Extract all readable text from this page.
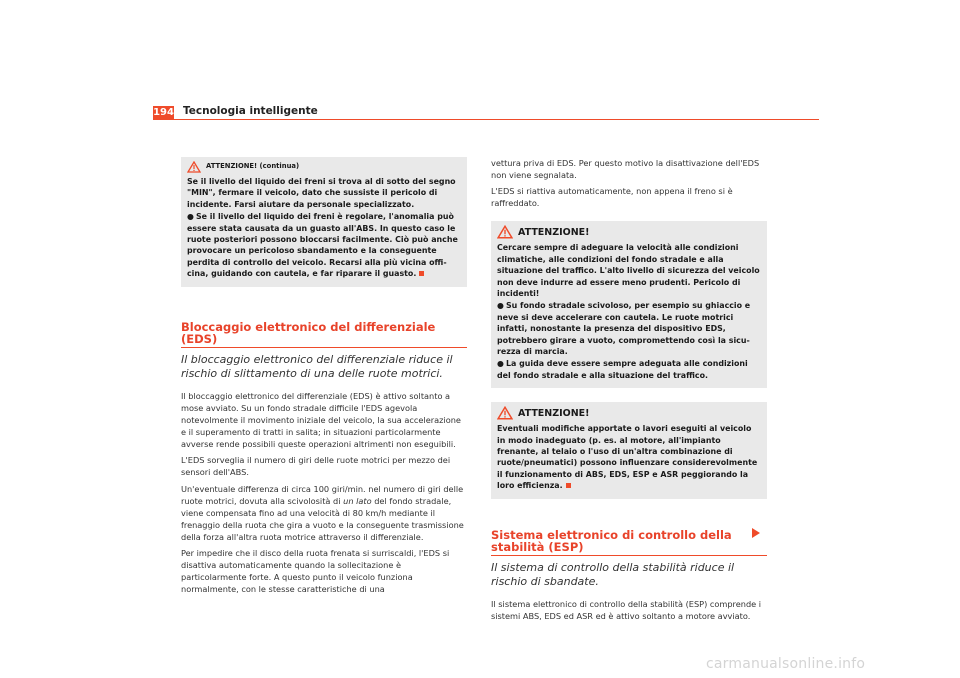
194 Tecnologia intelligente
ATTENZIONE! (continua)

Se il livello del liquido dei freni si trova al di sotto del segno "MIN", fermare il veicolo, dato che sussiste il pericolo di incidente. Farsi aiutare da personale specializzato.

● Se il livello del liquido dei freni è regolare, l'anomalia può essere stata causata da un guasto all'ABS. In questo caso le ruote posteriori possono bloccarsi facilmente. Ciò può anche provocare un pericoloso sbandamento e la conseguente perdita di controllo del veicolo. Recarsi alla più vicina officina, guidando con cautela, e far riparare il guasto.

Bloccaggio elettronico del differenziale (EDS)
Il bloccaggio elettronico del differenziale riduce il rischio di slittamento di una delle ruote motrici.

Il bloccaggio elettronico del differenziale (EDS) è attivo soltanto a mose avviato. Su un fondo stradale difficile l'EDS agevola notevolmente il movimento iniziale del veicolo, la sua accelerazione e il superamento di tratti in salita; in situazioni particolarmente avverse rende possibili queste operazioni altrimenti non eseguibili.

L'EDS sorveglia il numero di giri delle ruote motrici per mezzo dei sensori dell'ABS.

Un'eventuale differenza di circa 100 giri/min. nel numero di giri delle ruote motrici, dovuta alla scivolosità di un lato del fondo stradale, viene compensata fino ad una velocità di 80 km/h mediante il frenaggio della ruota che gira a vuoto e la conseguente trasmissione della forza all'altra ruota motrice attraverso il differenziale.

Per impedire che il disco della ruota frenata si surriscaldi, l'EDS si disattiva automaticamente quando la sollecitazione è particolarmente forte. A questo punto il veicolo funziona normalmente, con le stesse caratteristiche di una

vettura priva di EDS. Per questo motivo la disattivazione dell'EDS non viene segnalata.

L'EDS si riattiva automaticamente, non appena il freno si è raffreddato.

ATTENZIONE!

Cercare sempre di adeguare la velocità alle condizioni climatiche, alle condizioni del fondo stradale e alla situazione del traffico. L'alto livello di sicurezza del veicolo non deve indurre ad essere meno prudenti. Pericolo di incidenti!

● Su fondo stradale scivoloso, per esempio su ghiaccio e neve si deve accelerare con cautela. Le ruote motrici infatti, nonostante la presenza del dispositivo EDS, potrebbero girare a vuoto, compromettendo così la sicurezza di marcia.

● La guida deve essere sempre adeguata alle condizioni del fondo stradale e alla situazione del traffico.

ATTENZIONE!

Eventuali modifiche apportate o lavori eseguiti al veicolo in modo inadeguato (p. es. al motore, all'impianto frenante, al telaio o l'uso di un'altra combinazione di ruote/pneumatici) possono influenzare considerevolmente il funzionamento di ABS, EDS, ESP e ASR peggiorando la loro efficienza.

Sistema elettronico di controllo della stabilità (ESP)
Il sistema di controllo della stabilità riduce il rischio di sbandate.

Il sistema elettronico di controllo della stabilità (ESP) comprende i sistemi ABS, EDS ed ASR ed è attivo soltanto a motore avviato.

carmanualsonline.info
